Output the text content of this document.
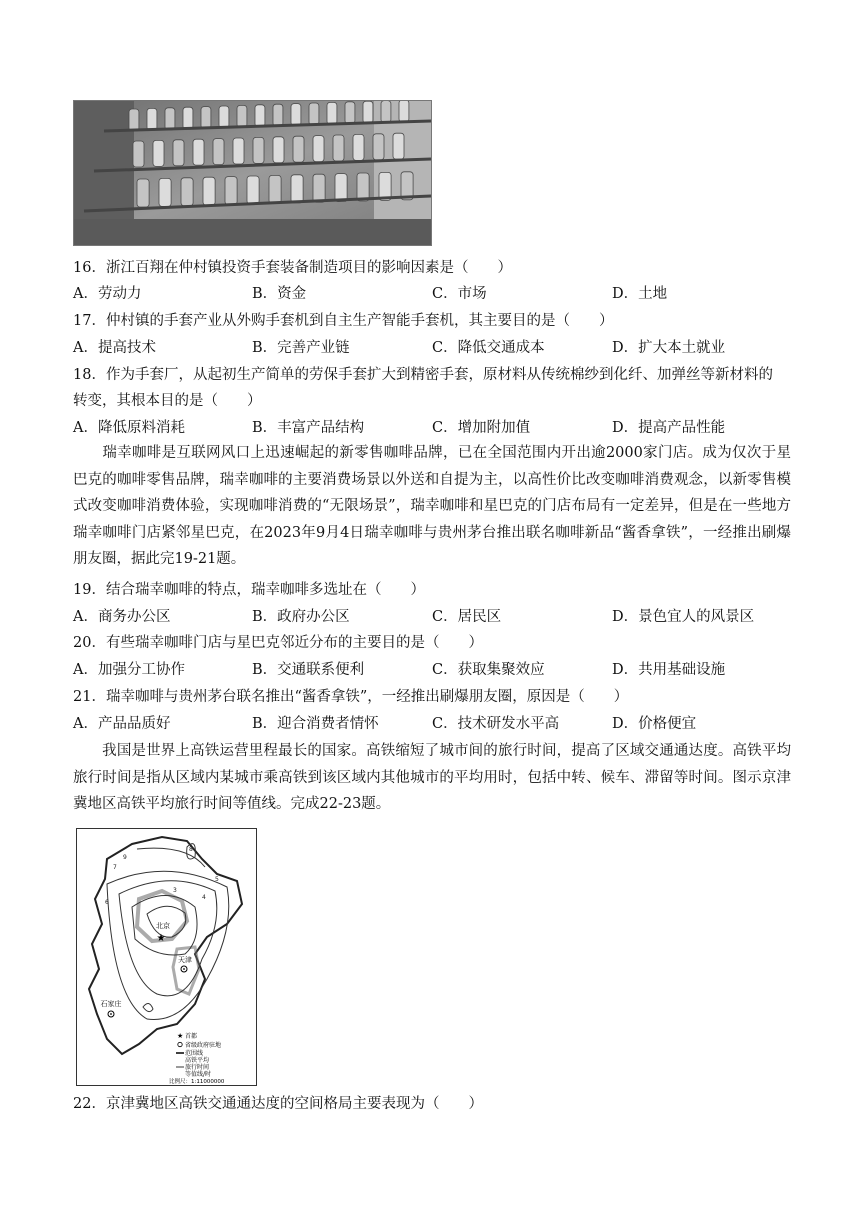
16．浙江百翔在仲村镇投资手套装备制造项目的影响因素是（　　）
A．劳动力	B．资金	C．市场	D．土地
17．仲村镇的手套产业从外购手套机到自主生产智能手套机，其主要目的是（　　）
A．提高技术	B．完善产业链	C．降低交通成本	D．扩大本土就业
18．作为手套厂，从起初生产简单的劳保手套扩大到精密手套，原材料从传统棉纱到化纤、加弹丝等新材料的
转变，其根本目的是（　　）
A．降低原料消耗	B．丰富产品结构	C．增加附加值	D．提高产品性能
瑞幸咖啡是互联网风口上迅速崛起的新零售咖啡品牌，已在全国范围内开出逾2000家门店。成为仅次于星巴克的咖啡零售品牌，瑞幸咖啡的主要消费场景以外送和自提为主，以高性价比改变咖啡消费观念，以新零售模式改变咖啡消费体验，实现咖啡消费的“无限场景”，瑞幸咖啡和星巴克的门店布局有一定差异，但是在一些地方瑞幸咖啡门店紧邻星巴克，在2023年9月4日瑞幸咖啡与贵州茅台推出联名咖啡新品“酱香拿铁”，一经推出刷爆朋友圈，据此完19-21题。
19．结合瑞幸咖啡的特点，瑞幸咖啡多选址在（　　）
A．商务办公区	B．政府办公区	C．居民区	D．景色宜人的风景区
20．有些瑞幸咖啡门店与星巴克邻近分布的主要目的是（　　）
A．加强分工协作	B．交通联系便利	C．获取集聚效应	D．共用基础设施
21．瑞幸咖啡与贵州茅台联名推出“酱香拿铁”，一经推出刷爆朋友圈，原因是（　　）
A．产品品质好	B．迎合消费者情怀	C．技术研发水平高	D．价格便宜
我国是世界上高铁运营里程最长的国家。高铁缩短了城市间的旅行时间，提高了区域交通通达度。高铁平均旅行时间是指从区域内某城市乘高铁到该区域内其他城市的平均用时，包括中转、候车、滞留等时间。图示京津冀地区高铁平均旅行时间等值线。完成22-23题。
3
4
5
6
7
8
9
★
北京
天津
石家庄
★ 首都
省级政府驻地
范围线
高铁平均
旅行时间
等值线/时
比例尺：1:11000000
22．京津冀地区高铁交通通达度的空间格局主要表现为（　　）
